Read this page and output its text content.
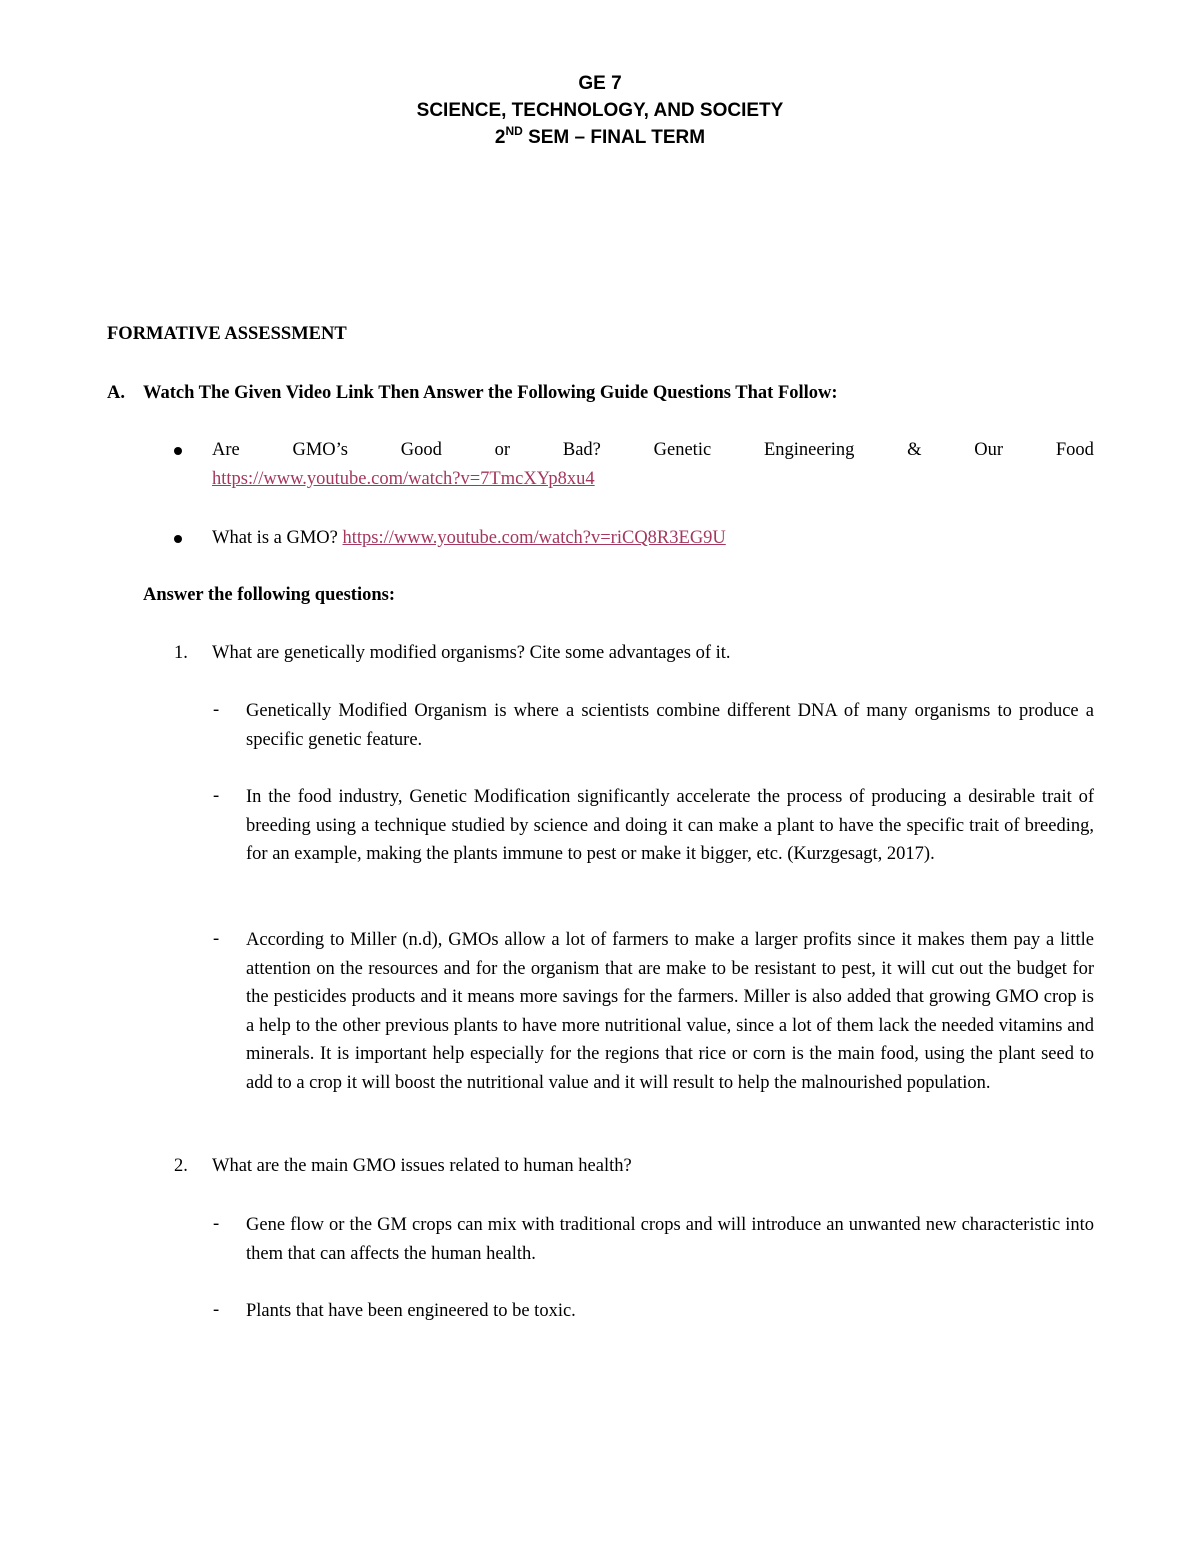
GE 7
SCIENCE, TECHNOLOGY, AND SOCIETY
2ND SEM – FINAL TERM
FORMATIVE ASSESSMENT
A. Watch The Given Video Link Then Answer the Following Guide Questions That Follow:
Are	GMO’s	Good	or	Bad?	Genetic	Engineering	&	Our	Food
https://www.youtube.com/watch?v=7TmcXYp8xu4
What is a GMO? https://www.youtube.com/watch?v=riCQ8R3EG9U
Answer the following questions:
1. What are genetically modified organisms? Cite some advantages of it.
- Genetically Modified Organism is where a scientists combine different DNA of many organisms to produce a specific genetic feature.
- In the food industry, Genetic Modification significantly accelerate the process of producing a desirable trait of breeding using a technique studied by science and doing it can make a plant to have the specific trait of breeding, for an example, making the plants immune to pest or make it bigger, etc. (Kurzgesagt, 2017).
- According to Miller (n.d), GMOs allow a lot of farmers to make a larger profits since it makes them pay a little attention on the resources and for the organism that are make to be resistant to pest, it will cut out the budget for the pesticides products and it means more savings for the farmers. Miller is also added that growing GMO crop is a help to the other previous plants to have more nutritional value, since a lot of them lack the needed vitamins and minerals. It is important help especially for the regions that rice or corn is the main food, using the plant seed to add to a crop it will boost the nutritional value and it will result to help the malnourished population.
2. What are the main GMO issues related to human health?
- Gene flow or the GM crops can mix with traditional crops and will introduce an unwanted new characteristic into them that can affects the human health.
- Plants that have been engineered to be toxic.
